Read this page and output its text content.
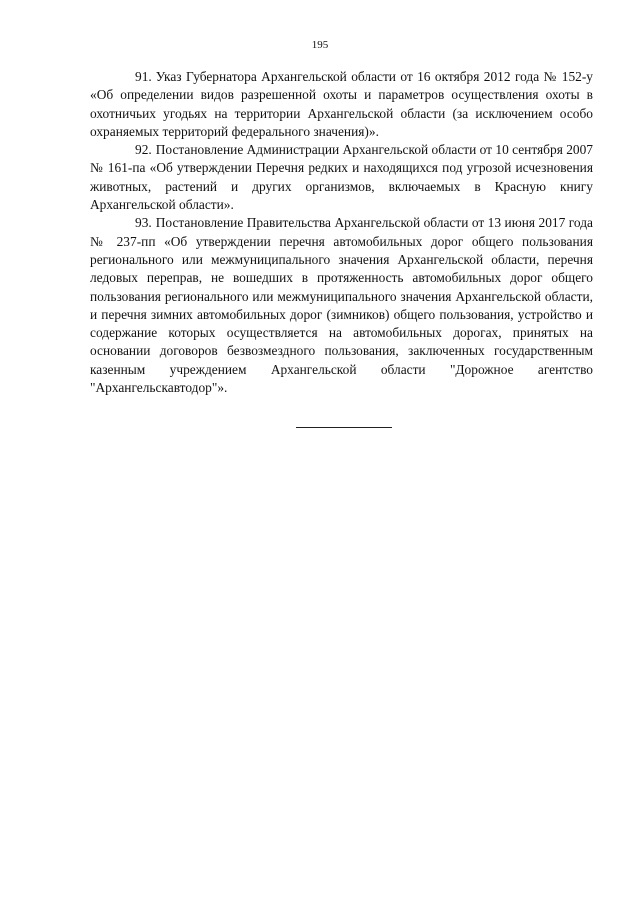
195

91. Указ Губернатора Архангельской области от 16 октября 2012 года № 152-у «Об определении видов разрешенной охоты и параметров осуществления охоты в охотничьих угодьях на территории Архангельской области (за исключением особо охраняемых территорий федерального значения)».

92. Постановление Администрации Архангельской области от 10 сентября 2007 № 161-па «Об утверждении Перечня редких и находящихся под угрозой исчезновения животных, растений и других организмов, включаемых в Красную книгу Архангельской области».

93. Постановление Правительства Архангельской области от 13 июня 2017 года № 237-пп «Об утверждении перечня автомобильных дорог общего пользования регионального или межмуниципального значения Архангельской области, перечня ледовых переправ, не вошедших в протяженность автомобильных дорог общего пользования регионального или межмуниципального значения Архангельской области, и перечня зимних автомобильных дорог (зимников) общего пользования, устройство и содержание которых осуществляется на автомобильных дорогах, принятых на основании договоров безвозмездного пользования, заключенных государственным казенным учреждением Архангельской области "Дорожное агентство "Архангельскавтодор"».
